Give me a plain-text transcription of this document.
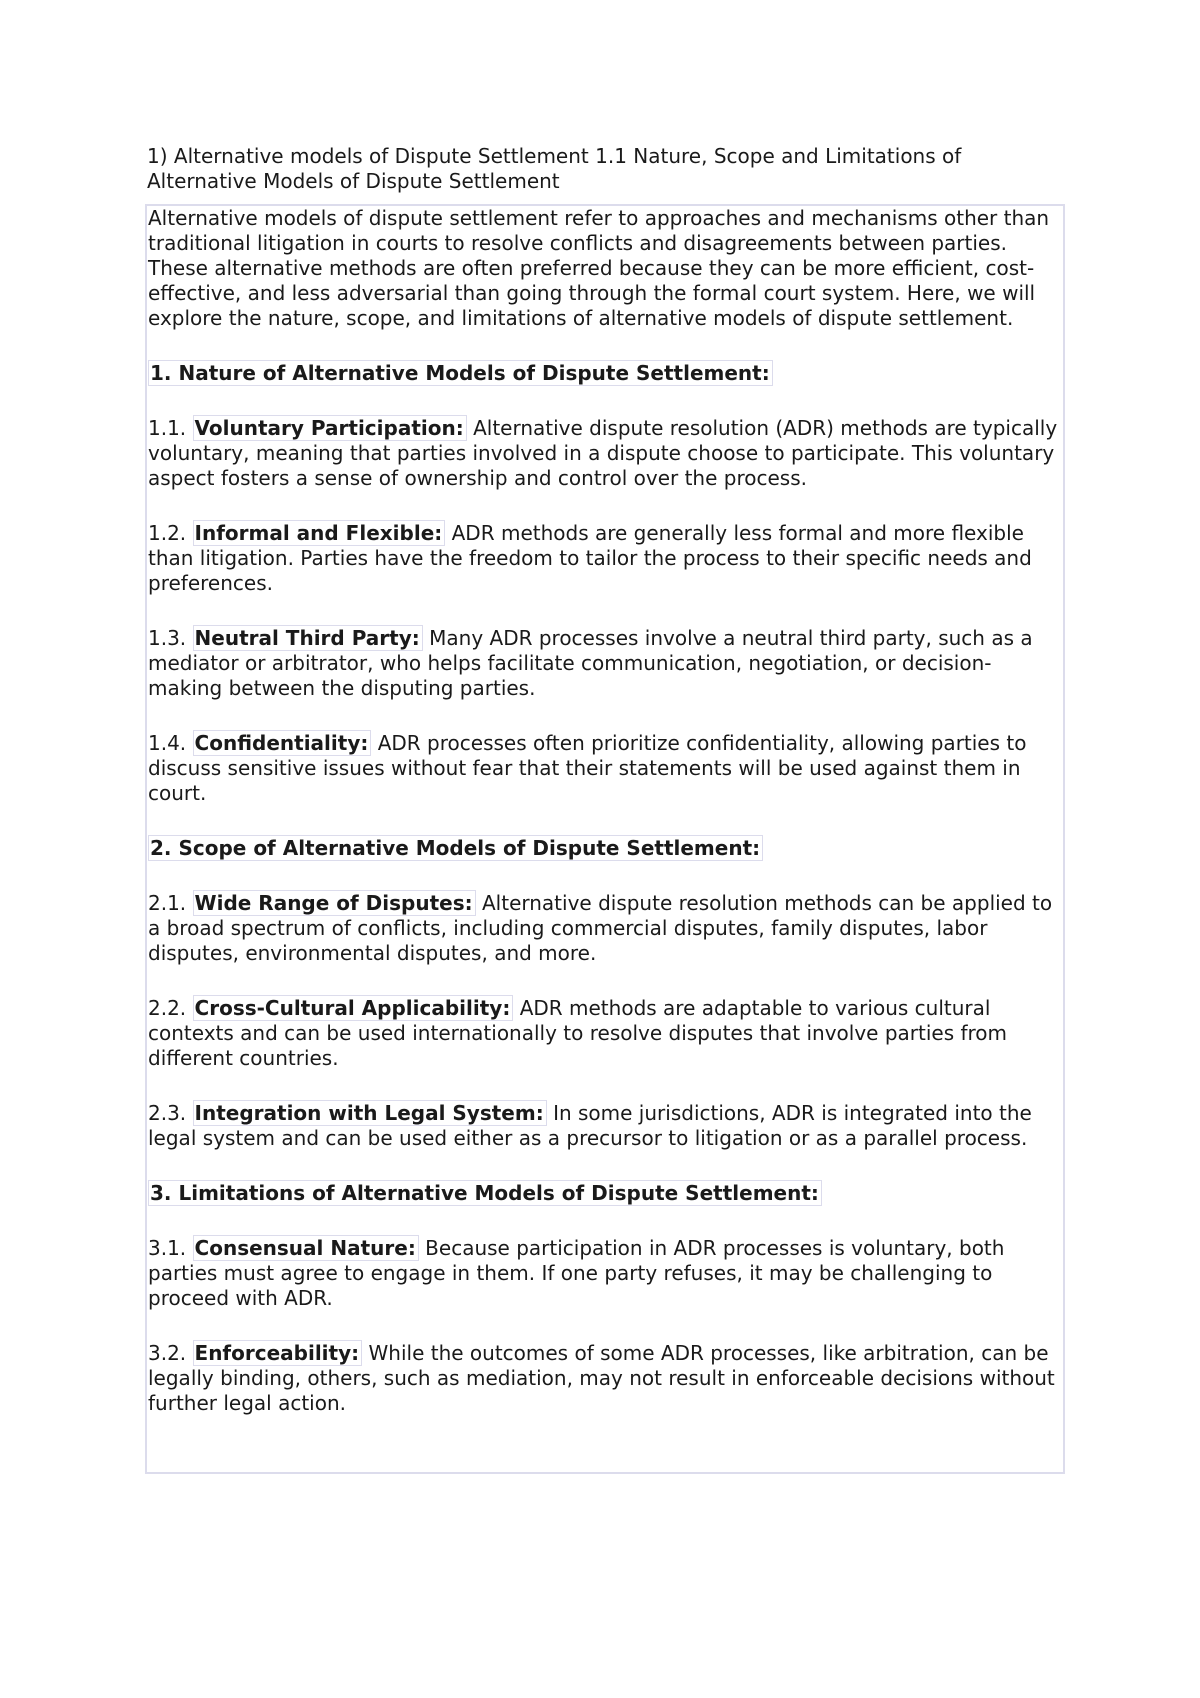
1) Alternative models of Dispute Settlement 1.1 Nature, Scope and Limitations of Alternative Models of Dispute Settlement

Alternative models of dispute settlement refer to approaches and mechanisms other than traditional litigation in courts to resolve conflicts and disagreements between parties. These alternative methods are often preferred because they can be more efficient, cost-effective, and less adversarial than going through the formal court system. Here, we will explore the nature, scope, and limitations of alternative models of dispute settlement.

1. Nature of Alternative Models of Dispute Settlement:

1.1. Voluntary Participation: Alternative dispute resolution (ADR) methods are typically voluntary, meaning that parties involved in a dispute choose to participate. This voluntary aspect fosters a sense of ownership and control over the process.

1.2. Informal and Flexible: ADR methods are generally less formal and more flexible than litigation. Parties have the freedom to tailor the process to their specific needs and preferences.

1.3. Neutral Third Party: Many ADR processes involve a neutral third party, such as a mediator or arbitrator, who helps facilitate communication, negotiation, or decision-making between the disputing parties.

1.4. Confidentiality: ADR processes often prioritize confidentiality, allowing parties to discuss sensitive issues without fear that their statements will be used against them in court.

2. Scope of Alternative Models of Dispute Settlement:

2.1. Wide Range of Disputes: Alternative dispute resolution methods can be applied to a broad spectrum of conflicts, including commercial disputes, family disputes, labor disputes, environmental disputes, and more.

2.2. Cross-Cultural Applicability: ADR methods are adaptable to various cultural contexts and can be used internationally to resolve disputes that involve parties from different countries.

2.3. Integration with Legal System: In some jurisdictions, ADR is integrated into the legal system and can be used either as a precursor to litigation or as a parallel process.

3. Limitations of Alternative Models of Dispute Settlement:

3.1. Consensual Nature: Because participation in ADR processes is voluntary, both parties must agree to engage in them. If one party refuses, it may be challenging to proceed with ADR.

3.2. Enforceability: While the outcomes of some ADR processes, like arbitration, can be legally binding, others, such as mediation, may not result in enforceable decisions without further legal action.
